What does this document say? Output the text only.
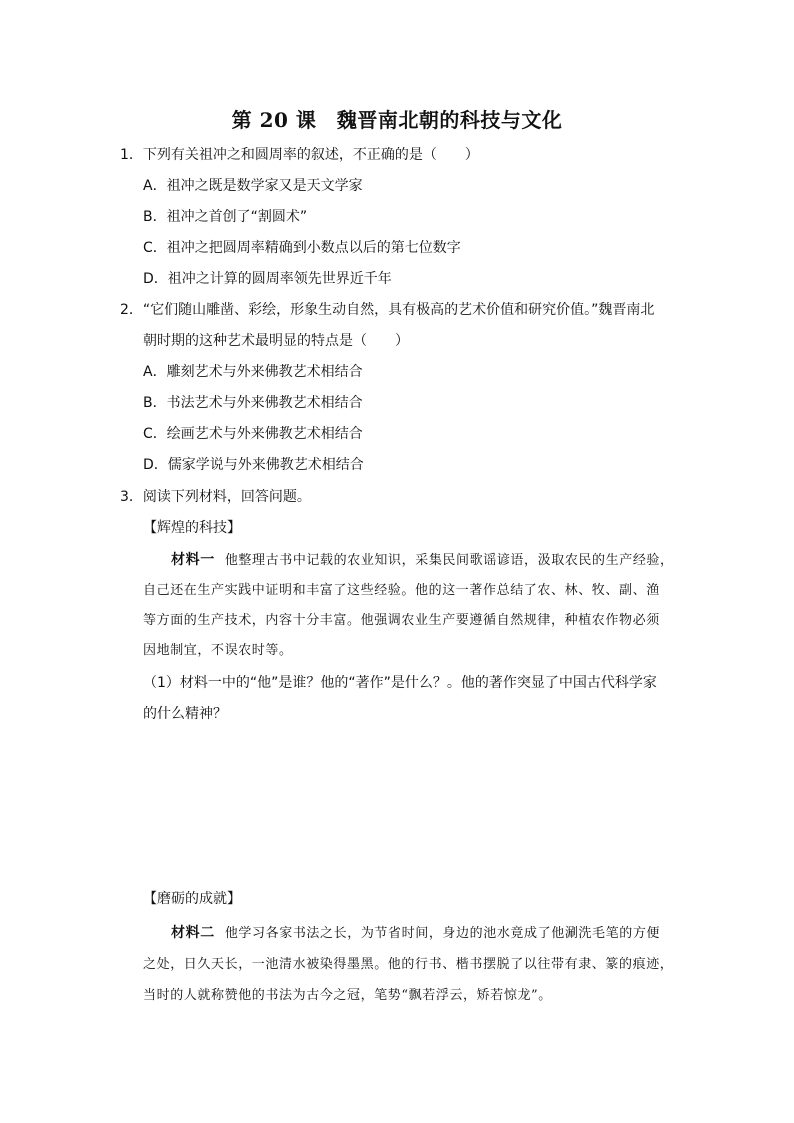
第 20 课　魏晋南北朝的科技与文化
1．下列有关祖冲之和圆周率的叙述，不正确的是（　　）
A．祖冲之既是数学家又是天文学家
B．祖冲之首创了“割圆术”
C．祖冲之把圆周率精确到小数点以后的第七位数字
D．祖冲之计算的圆周率领先世界近千年
2．“它们随山雕凿、彩绘，形象生动自然，具有极高的艺术价值和研究价值。”魏晋南北
朝时期的这种艺术最明显的特点是（　　）
A．雕刻艺术与外来佛教艺术相结合
B．书法艺术与外来佛教艺术相结合
C．绘画艺术与外来佛教艺术相结合
D．儒家学说与外来佛教艺术相结合
3．阅读下列材料，回答问题。
【辉煌的科技】
材料一 他整理古书中记载的农业知识，采集民间歌谣谚语，汲取农民的生产经验，
自己还在生产实践中证明和丰富了这些经验。他的这一著作总结了农、林、牧、副、渔
等方面的生产技术，内容十分丰富。他强调农业生产要遵循自然规律，种植农作物必须
因地制宜，不误农时等。
（1）材料一中的“他”是谁？他的“著作”是什么？。他的著作突显了中国古代科学家
的什么精神？
【磨砺的成就】
材料二 他学习各家书法之长，为节省时间，身边的池水竟成了他涮洗毛笔的方便
之处，日久天长，一池清水被染得墨黑。他的行书、楷书摆脱了以往带有隶、篆的痕迹，
当时的人就称赞他的书法为古今之冠，笔势“飘若浮云，矫若惊龙”。
